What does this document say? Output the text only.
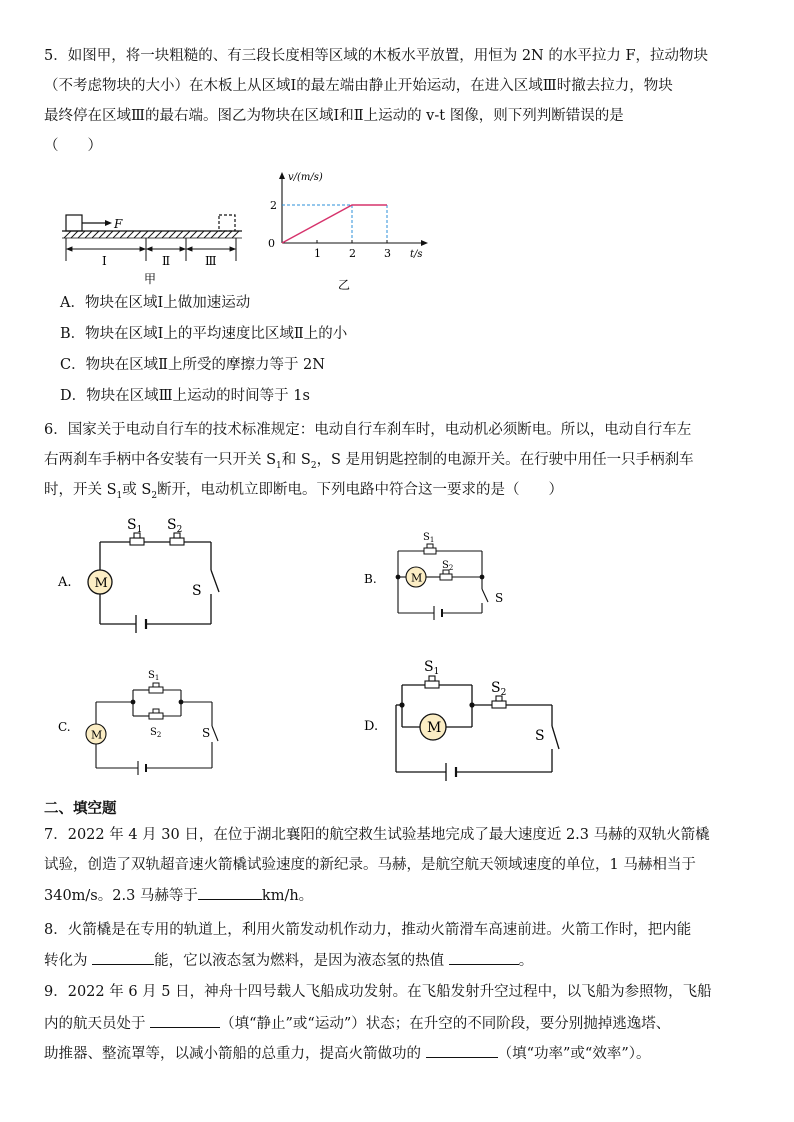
5．如图甲，将一块粗糙的、有三段长度相等区域的木板水平放置，用恒为 2N 的水平拉力 F，拉动物块
（不考虑物块的大小）在木板上从区域Ⅰ的最左端由静止开始运动，在进入区域Ⅲ时撤去拉力，物块
最终停在区域Ⅲ的最右端。图乙为物块在区域Ⅰ和Ⅱ上运动的 v-t 图像，则下列判断错误的是
（　　）
F
Ⅰ	Ⅱ	Ⅲ
甲
v/(m/s)
t/s
0
2
1	2	3
乙
A．物块在区域Ⅰ上做加速运动
B．物块在区域Ⅰ上的平均速度比区域Ⅱ上的小
C．物块在区域Ⅱ上所受的摩擦力等于 2N
D．物块在区域Ⅲ上运动的时间等于 1s
6．国家关于电动自行车的技术标准规定：电动自行车刹车时，电动机必须断电。所以，电动自行车左
右两刹车手柄中各安装有一只开关 $S_1$和 $S_2$，S 是用钥匙控制的电源开关。在行驶中用任一只手柄刹车
时，开关 $S_1$或 $S_2$断开，电动机立即断电。下列电路中符合这一要求的是（　　）
A. M
$S_1$ $S_2$
S
B.	M
$S_1$
$S_2$
S
C.
M
$S_1$
$S_2$	S	D.	M
$S_1$
$S_2$
S
二、填空题
7．2022 年 4 月 30 日，在位于湖北襄阳的航空救生试验基地完成了最大速度近 2.3 马赫的双轨火箭橇
试验，创造了双轨超音速火箭橇试验速度的新纪录。马赫，是航空航天领域速度的单位，1 马赫相当于
340m/s。2.3 马赫等于	km/h。
8．火箭橇是在专用的轨道上，利用火箭发动机作动力，推动火箭滑车高速前进。火箭工作时，把内能
转化为	能，它以液态氢为燃料，是因为液态氢的热值	。
9．2022 年 6 月 5 日，神舟十四号载人飞船成功发射。在飞船发射升空过程中，以飞船为参照物，飞船
内的航天员处于	（填“静止”或“运动”）状态；在升空的不同阶段，要分别抛掉逃逸塔、
助推器、整流罩等，以减小箭船的总重力，提高火箭做功的	（填“功率”或“效率”）。
